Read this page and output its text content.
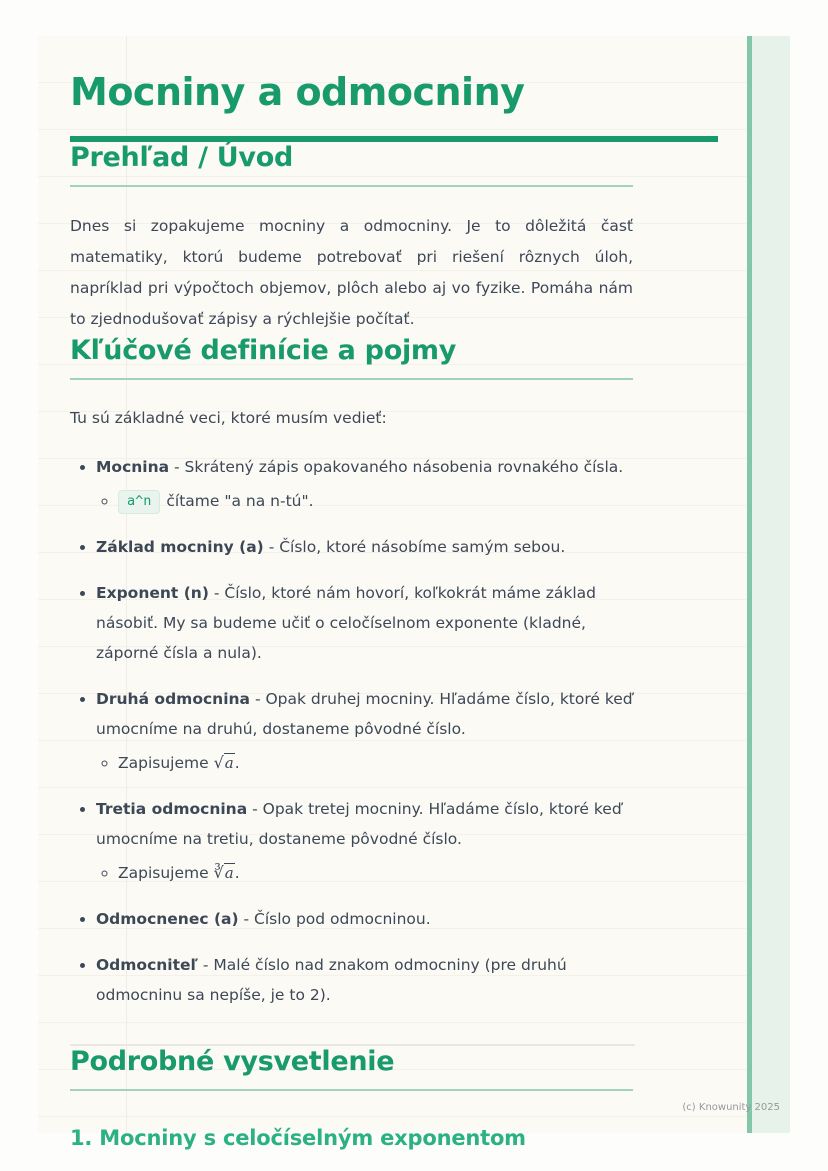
Mocniny a odmocniny
Prehľad / Úvod

Dnes si zopakujeme mocniny a odmocniny. Je to dôležitá časť matematiky, ktorú budeme potrebovať pri riešení rôznych úloh, napríklad pri výpočtoch objemov, plôch alebo aj vo fyzike. Pomáha nám to zjednodušovať zápisy a rýchlejšie počítať.

Kľúčové definície a pojmy

Tu sú základné veci, ktoré musím vedieť:

• Mocnina - Skrátený zápis opakovaného násobenia rovnakého čísla.
◦ a^n čítame "a na n-tú".
• Základ mocniny (a) - Číslo, ktoré násobíme samým sebou.
• Exponent (n) - Číslo, ktoré nám hovorí, koľkokrát máme základ násobiť. My sa budeme učiť o celočíselnom exponente (kladné, záporné čísla a nula).
• Druhá odmocnina - Opak druhej mocniny. Hľadáme číslo, ktoré keď umocníme na druhú, dostaneme pôvodné číslo.
◦ Zapisujeme √a.
• Tretia odmocnina - Opak tretej mocniny. Hľadáme číslo, ktoré keď umocníme na tretiu, dostaneme pôvodné číslo.
◦ Zapisujeme ∛a.
• Odmocnenec (a) - Číslo pod odmocninou.
• Odmocniteľ - Malé číslo nad znakom odmocniny (pre druhú odmocninu sa nepíše, je to 2).
Podrobné vysvetlenie
1. Mocniny s celočíselným exponentom
(c) Knowunity 2025
